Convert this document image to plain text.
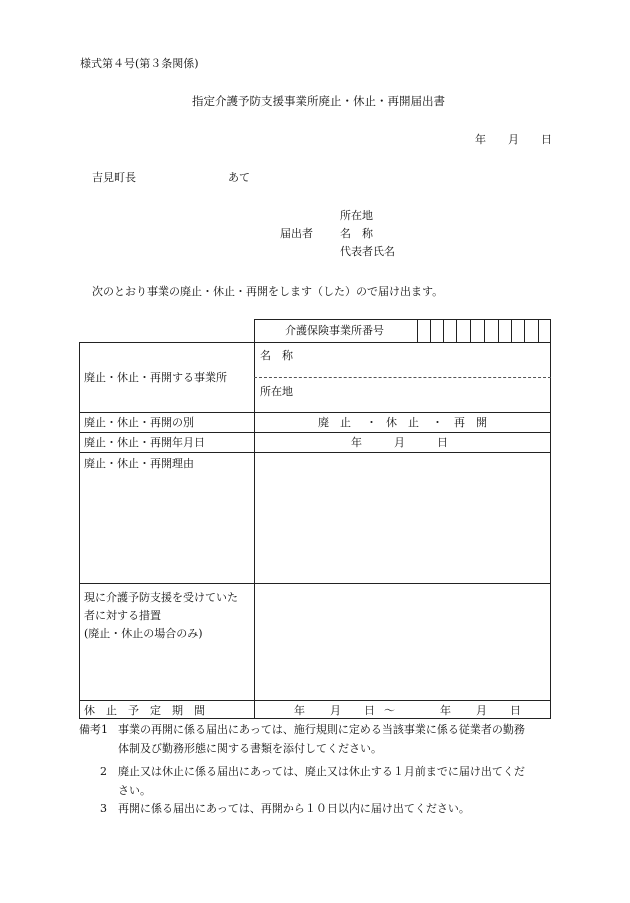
様式第４号(第３条関係)
指定介護予防支援事業所廃止・休止・再開届出書
年 月 日
吉見町長	あて
所在地
届出者 名　称
代表者氏名
次のとおり事業の廃止・休止・再開をします（した）ので届け出ます。
介護保険事業所番号
廃止・休止・再開する事業所
名　称
所在地
廃止・休止・再開の別	廃　止 ・ 休　止 ・ 再　開
廃止・休止・再開年月日	年	月	日
廃止・休止・再開理由
現に介護予防支援を受けていた
者に対する措置
(廃止・休止の場合のみ)
休　止　予　定　期　間	年 月 日 ～	年 月 日
備考1 事業の再開に係る届出にあっては、施行規則に定める当該事業に係る従業者の勤務
体制及び勤務形態に関する書類を添付してください。
2 廃止又は休止に係る届出にあっては、廃止又は休止する１月前までに届け出てくだ
さい。
3 再開に係る届出にあっては、再開から１０日以内に届け出てください。
